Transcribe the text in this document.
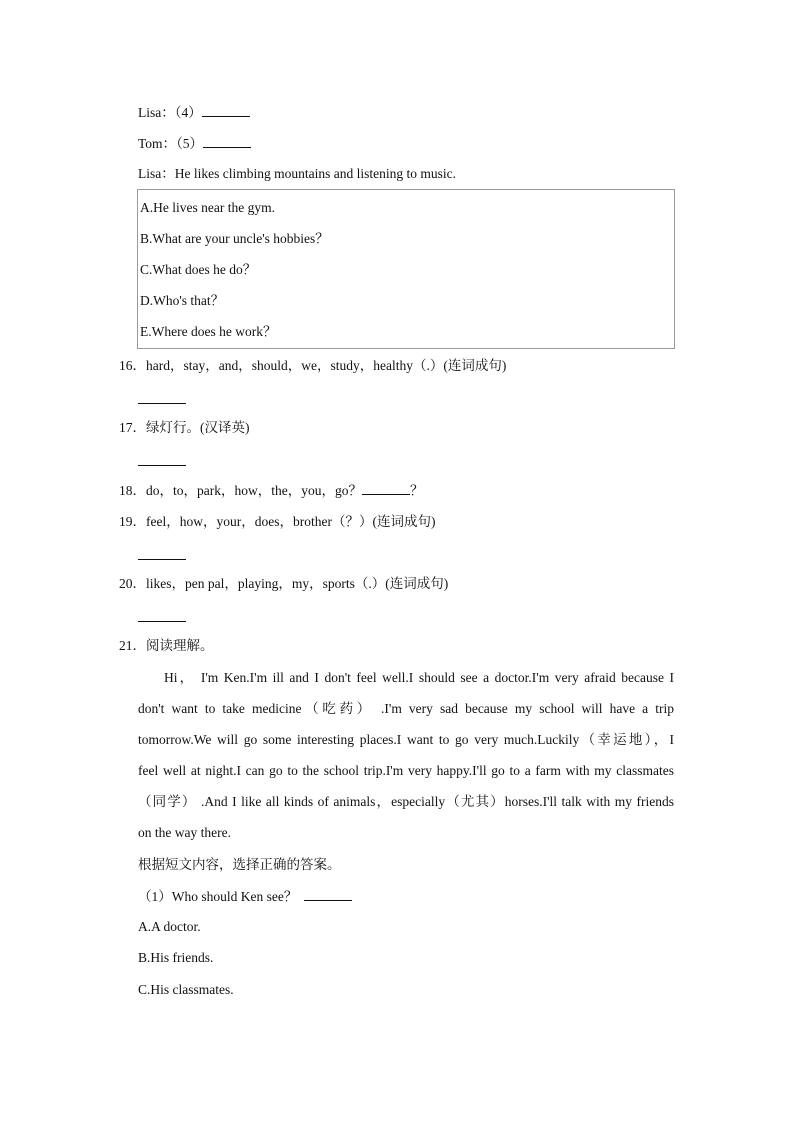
Lisa：（4）
Tom：（5）
Lisa：He likes climbing mountains and listening to music.
A.He lives near the gym.
B.What are your uncle's hobbies？
C.What does he do？
D.Who's that？
E.Where does he work？
16．hard，stay，and，should，we，study，healthy（.）(连词成句)
17．绿灯行。(汉译英)
18．do，to，park，how，the，you，go？	？
19．feel，how，your，does，brother（？）(连词成句)
20．likes，pen pal，playing，my，sports（.）(连词成句)
21．阅读理解。
Hi， I'm Ken.I'm ill and I don't feel well.I should see a doctor.I'm very afraid because I
don't want to take medicine（吃药） .I'm very sad because my school will have a trip
tomorrow.We will go some interesting places.I want to go very much.Luckily（幸运地），I
feel well at night.I can go to the school trip.I'm very happy.I'll go to a farm with my classmates
（同学） .And I like all kinds of animals，especially（尤其）horses.I'll talk with my friends
on the way there.
根据短文内容，选择正确的答案。
（1）Who should Ken see？
A.A doctor.
B.His friends.
C.His classmates.
